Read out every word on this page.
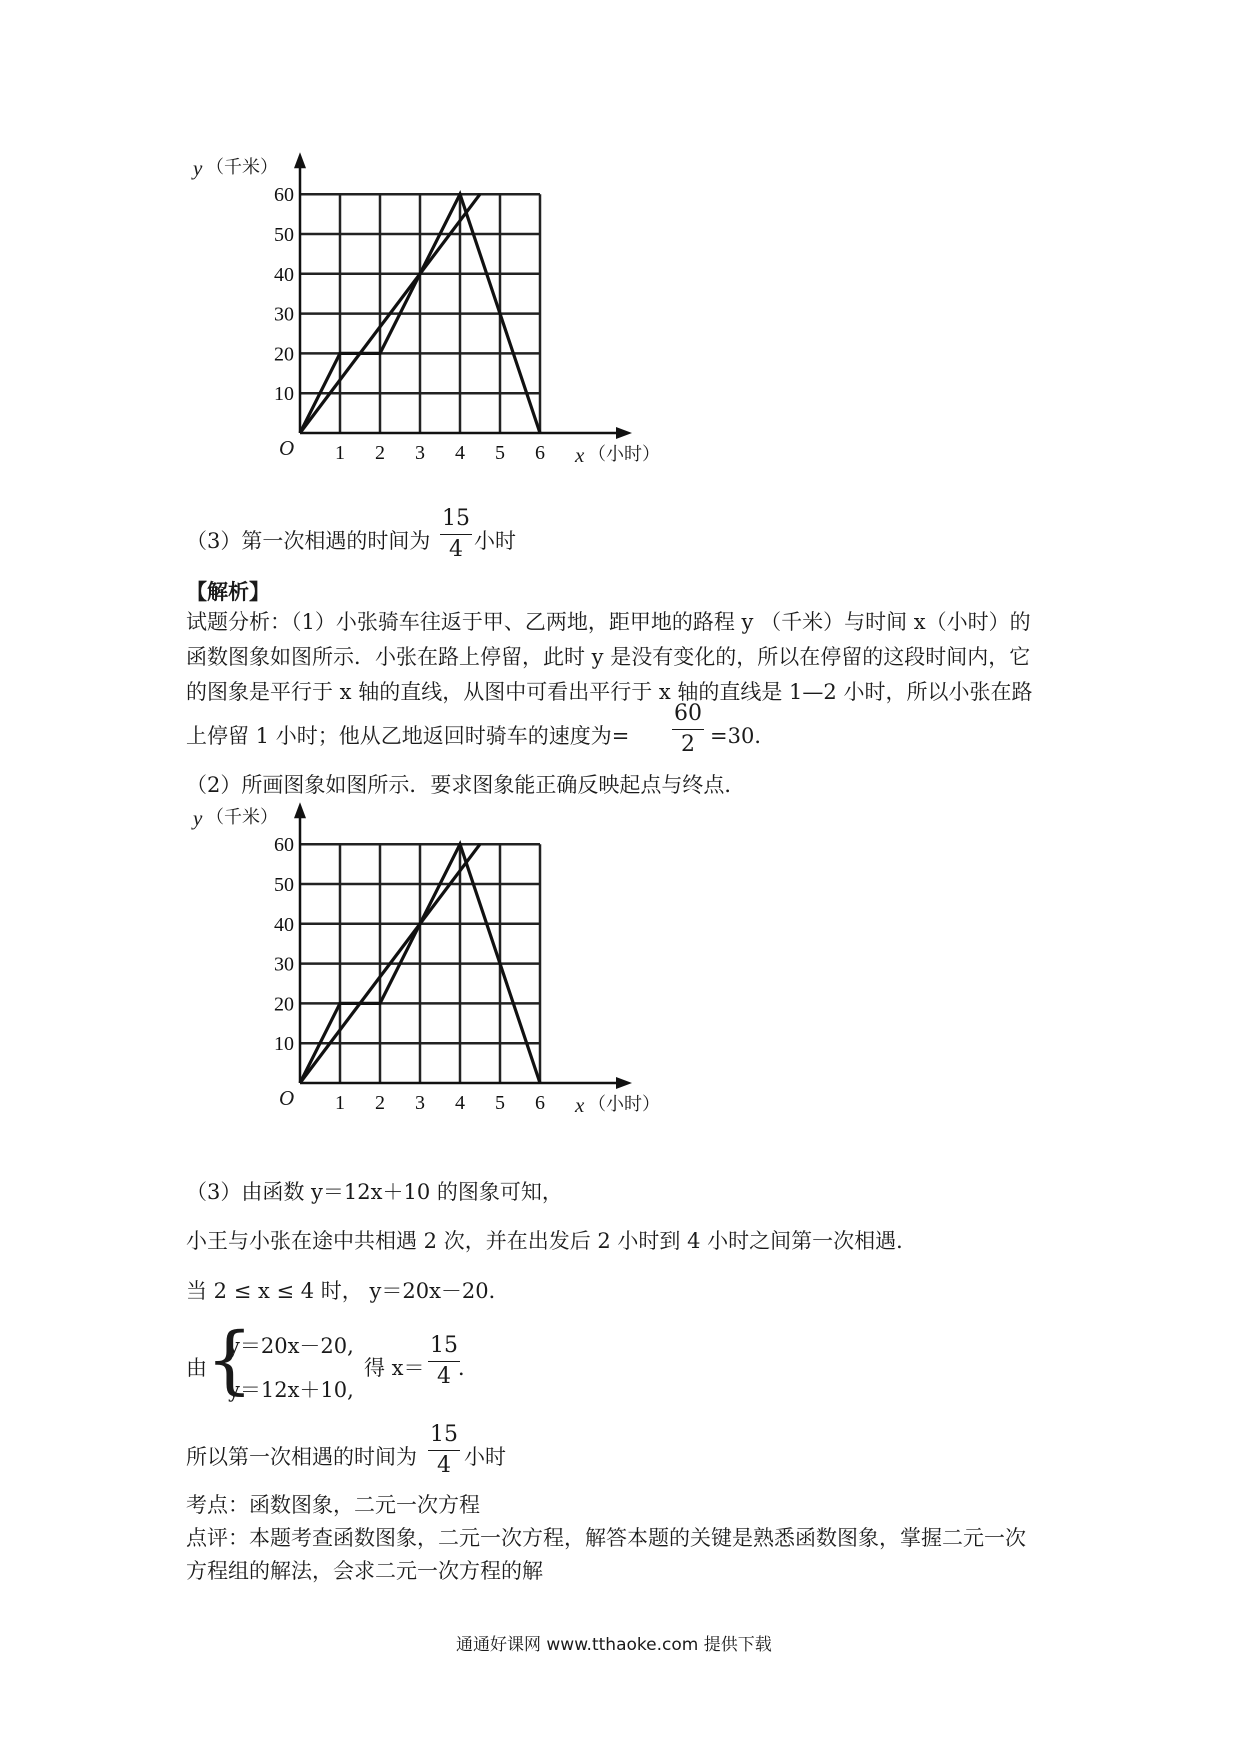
1 2 3 4 5 6
10
20
30
40
50
60
y （千米）
O	x （小时）
（3）第一次相遇的时间为 $\frac{15}{4}$ 小时
【解析】
试题分析：（1）小张骑车往返于甲、乙两地，距甲地的路程 y （千米）与时间 x（小时）的
函数图象如图所示．小张在路上停留，此时 y 是没有变化的，所以在停留的这段时间内，它
的图象是平行于 x 轴的直线，从图中可看出平行于 x 轴的直线是 1—2 小时，所以小张在路
上停留 1 小时；他从乙地返回时骑车的速度为= $\frac{60}{2} =30$．
（2）所画图象如图所示．要求图象能正确反映起点与终点．
1 2 3 4 5 6
10
20
30
40
50
60
y （千米）
O	x （小时）
（3）由函数 y＝12x＋10 的图象可知，
小王与小张在途中共相遇 2 次，并在出发后 2 小时到 4 小时之间第一次相遇．
当 2 ≤ x ≤ 4 时， y＝20x－20．
由 {
y＝20x－20,
y＝12x＋10,
得 $x= \frac{15}{4}$
．
所以第一次相遇的时间为 $\frac{15}{4}$ 小时
考点：函数图象，二元一次方程
点评：本题考查函数图象，二元一次方程，解答本题的关键是熟悉函数图象，掌握二元一次
方程组的解法，会求二元一次方程的解
通通好课网 www.tthaoke.com 提供下载
